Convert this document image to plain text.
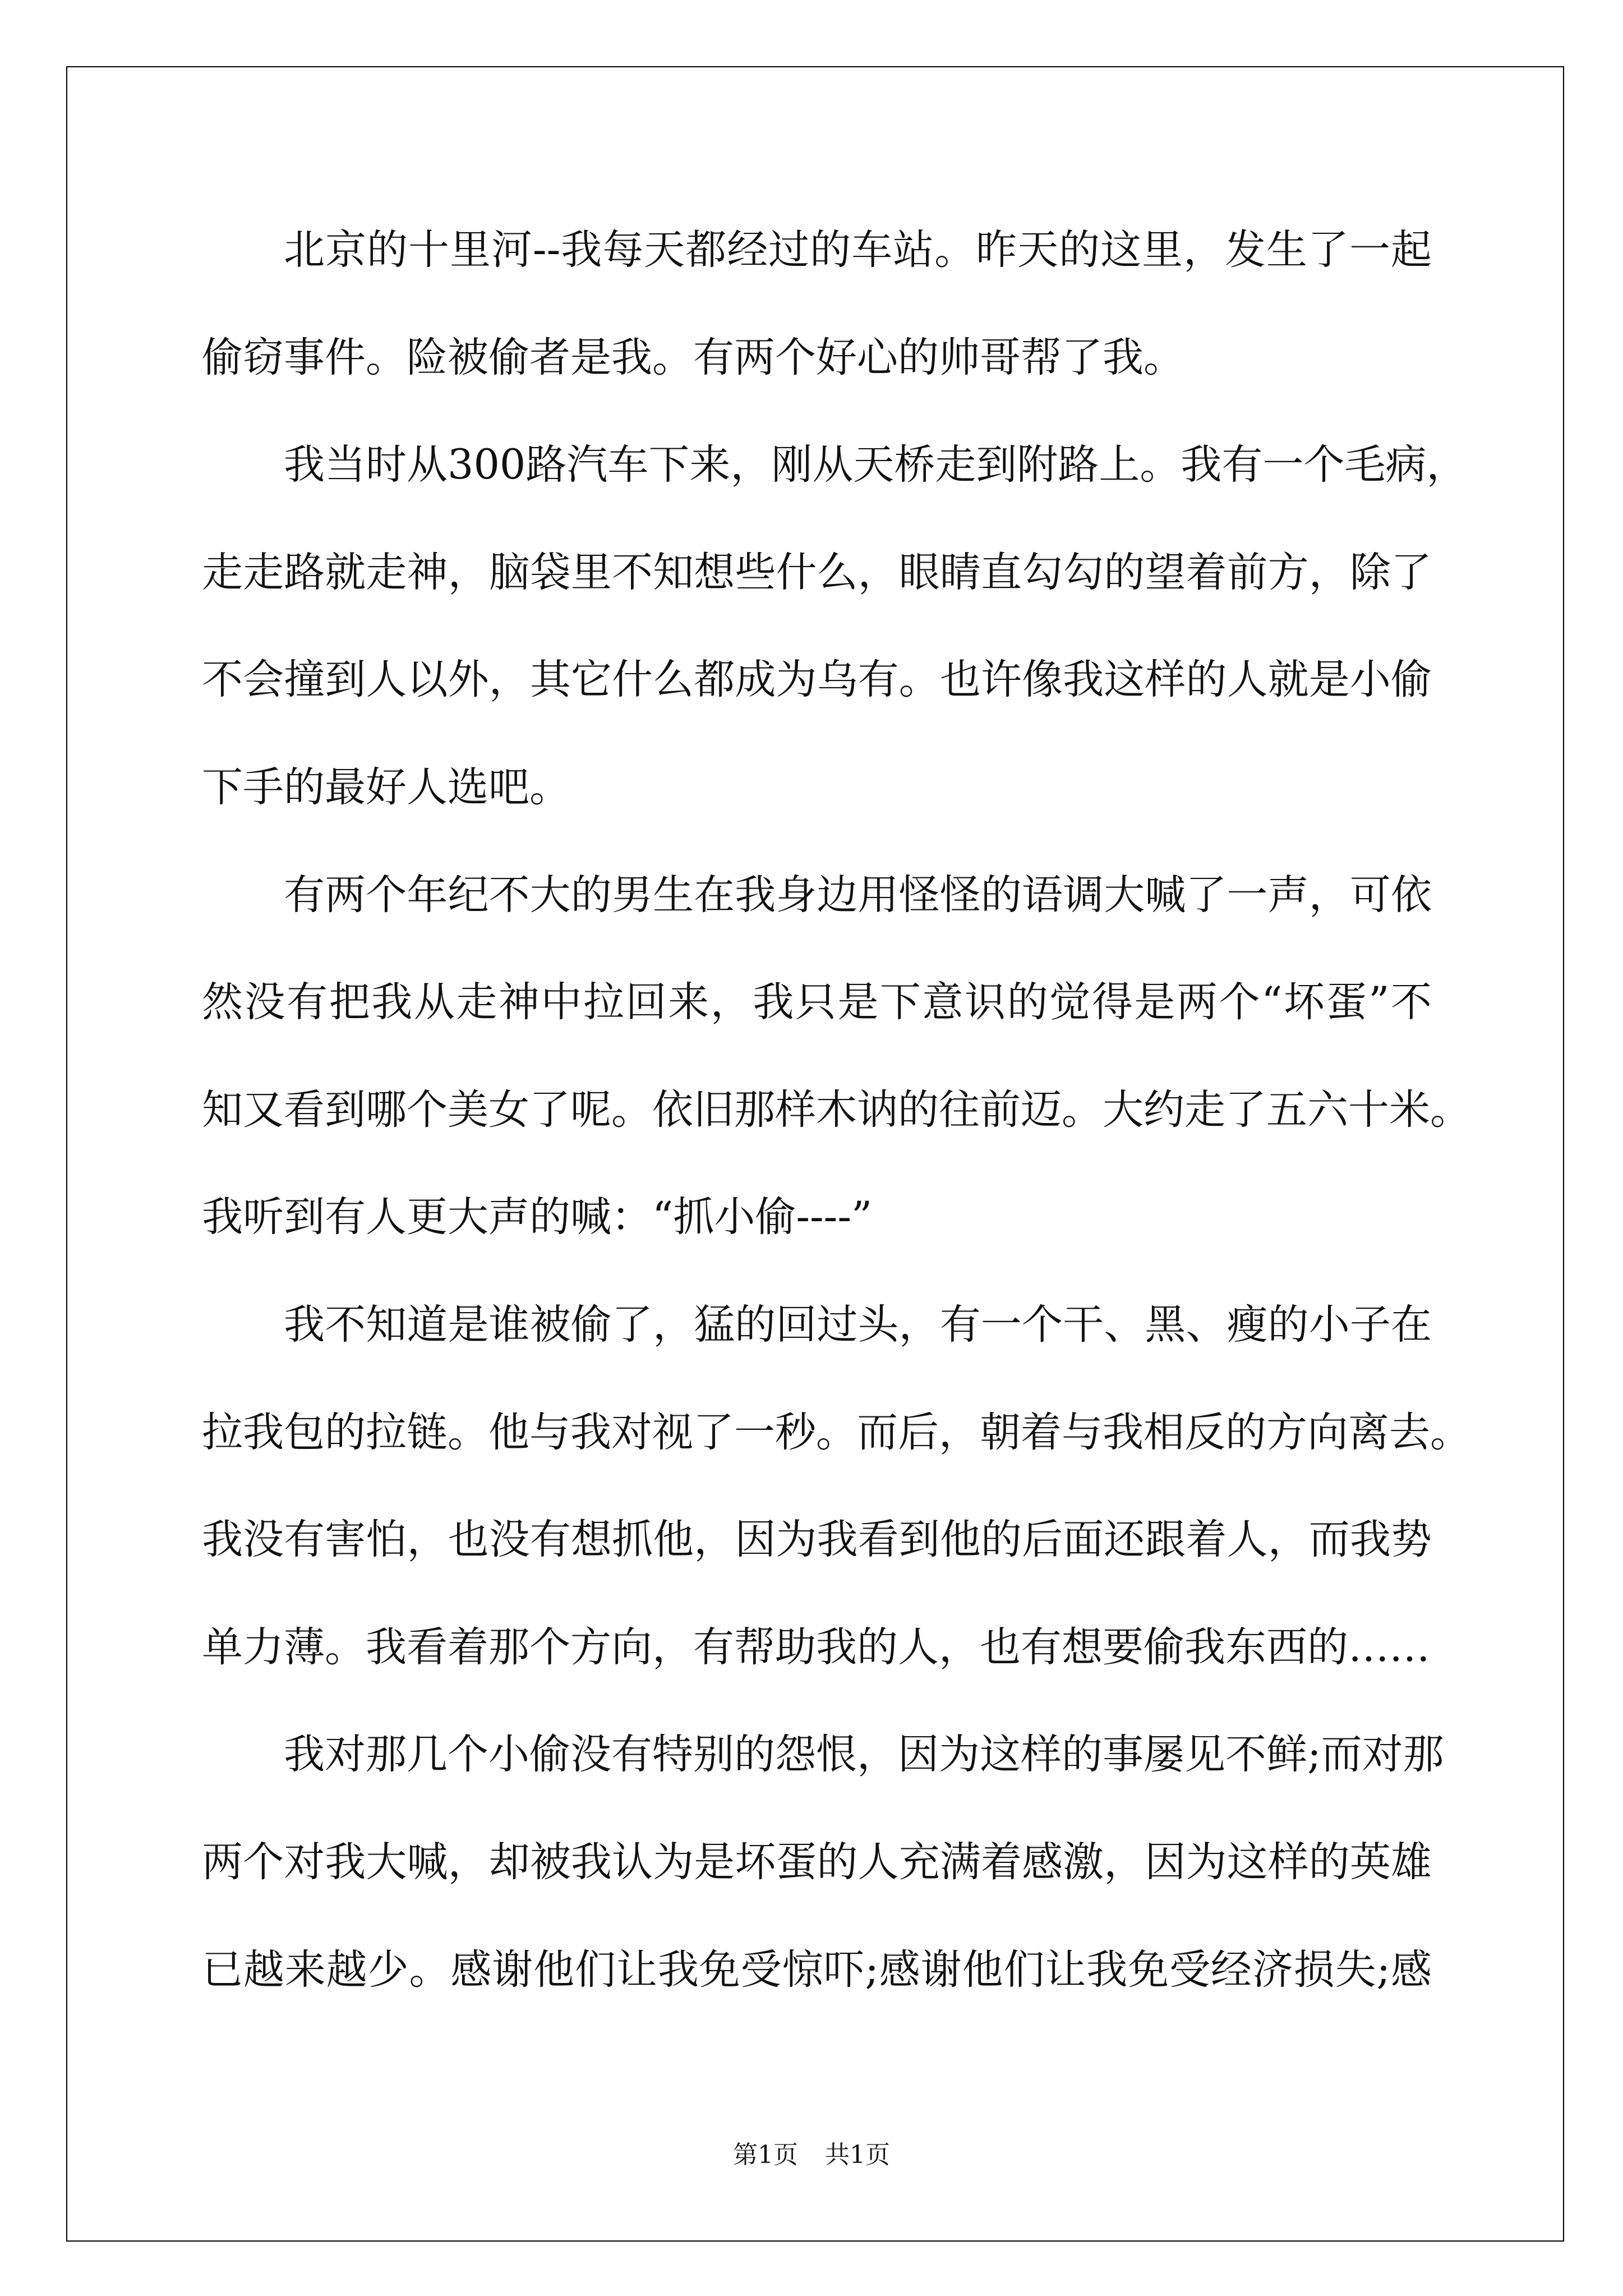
北京的十里河--我每天都经过的车站。昨天的这里，发生了一起
偷窃事件。险被偷者是我。有两个好心的帅哥帮了我。
我当时从300路汽车下来，刚从天桥走到附路上。我有一个毛病，
走走路就走神，脑袋里不知想些什么，眼睛直勾勾的望着前方，除了
不会撞到人以外，其它什么都成为乌有。也许像我这样的人就是小偷
下手的最好人选吧。
有两个年纪不大的男生在我身边用怪怪的语调大喊了一声，可依
然没有把我从走神中拉回来，我只是下意识的觉得是两个“坏蛋”不
知又看到哪个美女了呢。依旧那样木讷的往前迈。大约走了五六十米。
我听到有人更大声的喊：“抓小偷----”
我不知道是谁被偷了，猛的回过头，有一个干、黑、瘦的小子在
拉我包的拉链。他与我对视了一秒。而后，朝着与我相反的方向离去。
我没有害怕，也没有想抓他，因为我看到他的后面还跟着人，而我势
单力薄。我看着那个方向，有帮助我的人，也有想要偷我东西的……
我对那几个小偷没有特别的怨恨，因为这样的事屡见不鲜;而对那
两个对我大喊，却被我认为是坏蛋的人充满着感激，因为这样的英雄
已越来越少。感谢他们让我免受惊吓;感谢他们让我免受经济损失;感
第1页 共1页
